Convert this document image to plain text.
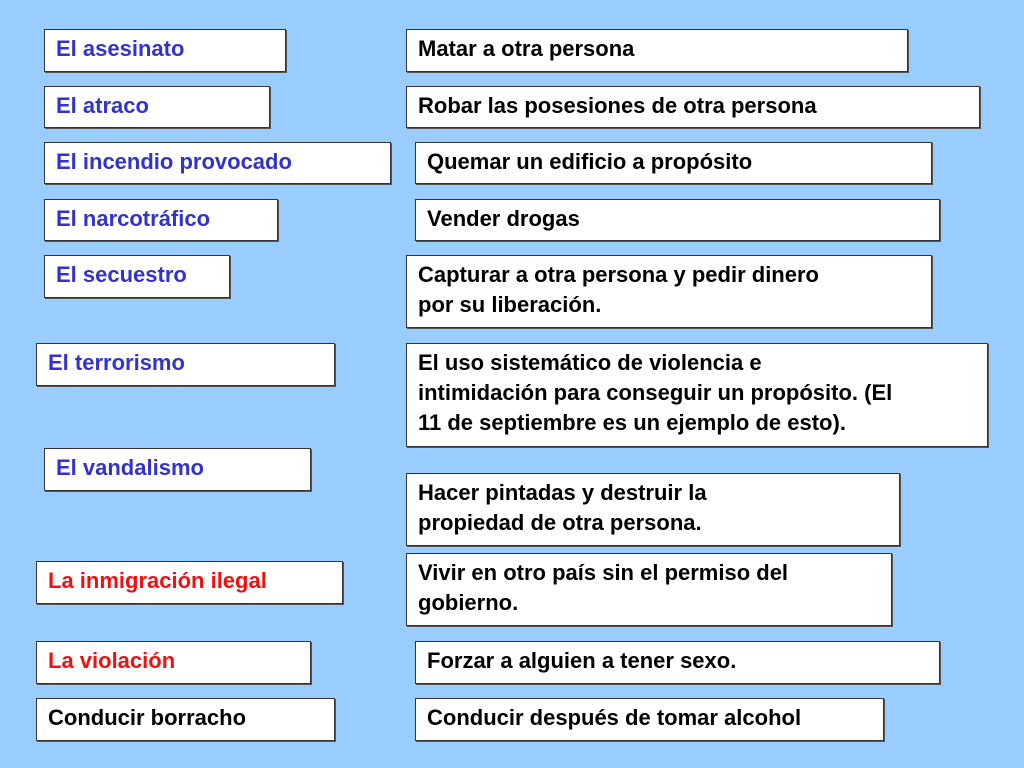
El asesinato
El atraco
El incendio provocado
El narcotráfico
El secuestro
El terrorismo
El vandalismo
La inmigración ilegal
La violación
Conducir borracho
Matar a otra persona
Robar las posesiones de otra persona
Quemar un edificio a propósito
Vender drogas
Capturar a otra persona y pedir dinero
por su liberación.
El uso sistemático de violencia e
intimidación para conseguir un propósito. (El
11 de septiembre es un ejemplo de esto).
Hacer pintadas y destruir la
propiedad de otra persona.
Vivir en otro país sin el permiso del
gobierno.
Forzar a alguien a tener sexo.
Conducir después de tomar alcohol
